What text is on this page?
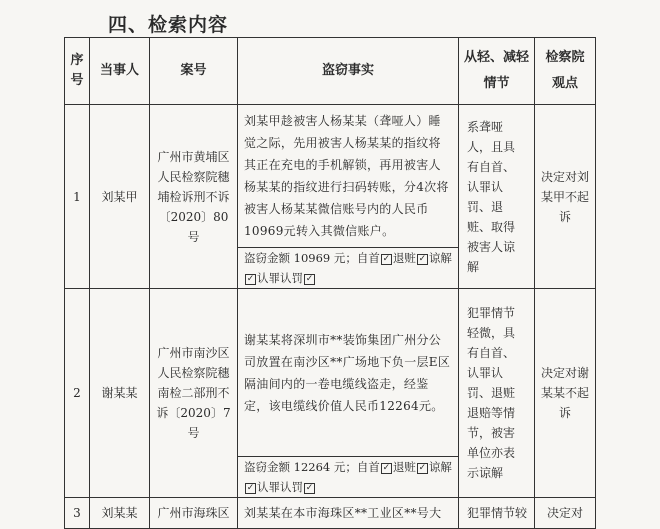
四、检索内容
序号	当事人	案号	盗窃事实	从轻、减轻情节	检察院观点

1	刘某甲	广州市黄埔区人民检察院穗埔检诉刑不诉〔2020〕80号	刘某甲趁被害人杨某某（聋哑人）睡觉之际，先用被害人杨某某的指纹将其正在充电的手机解锁，再用被害人杨某某的指纹进行扫码转账，分4次将被害人杨某某微信账号内的人民币10969元转入其微信账户。	系聋哑人，且具有自首、认罪认罚、退赃、取得被害人谅解	决定对刘某甲不起诉
			盗窃金额 10969 元；自首 ✓ 退赃 ✓ 谅解✓ 认罪认罚 ✓		
2	谢某某	广州市南沙区人民检察院穗南检二部刑不诉〔2020〕7号	谢某某将深圳市**装饰集团广州分公司放置在南沙区**广场地下负一层E区隔油间内的一卷电缆线盗走，经鉴定，该电缆线价值人民币12264元。	犯罪情节轻微，具有自首、认罪认罚、退赃退赔等情节，被害单位亦表示谅解	决定对谢某某不起诉
			盗窃金额 12264 元；自首 ✓ 退赃 ✓ 谅解✓ 认罪认罚 ✓		
3	刘某某	广州市海珠区	刘某某在本市海珠区**工业区**号大	犯罪情节较	决定对
